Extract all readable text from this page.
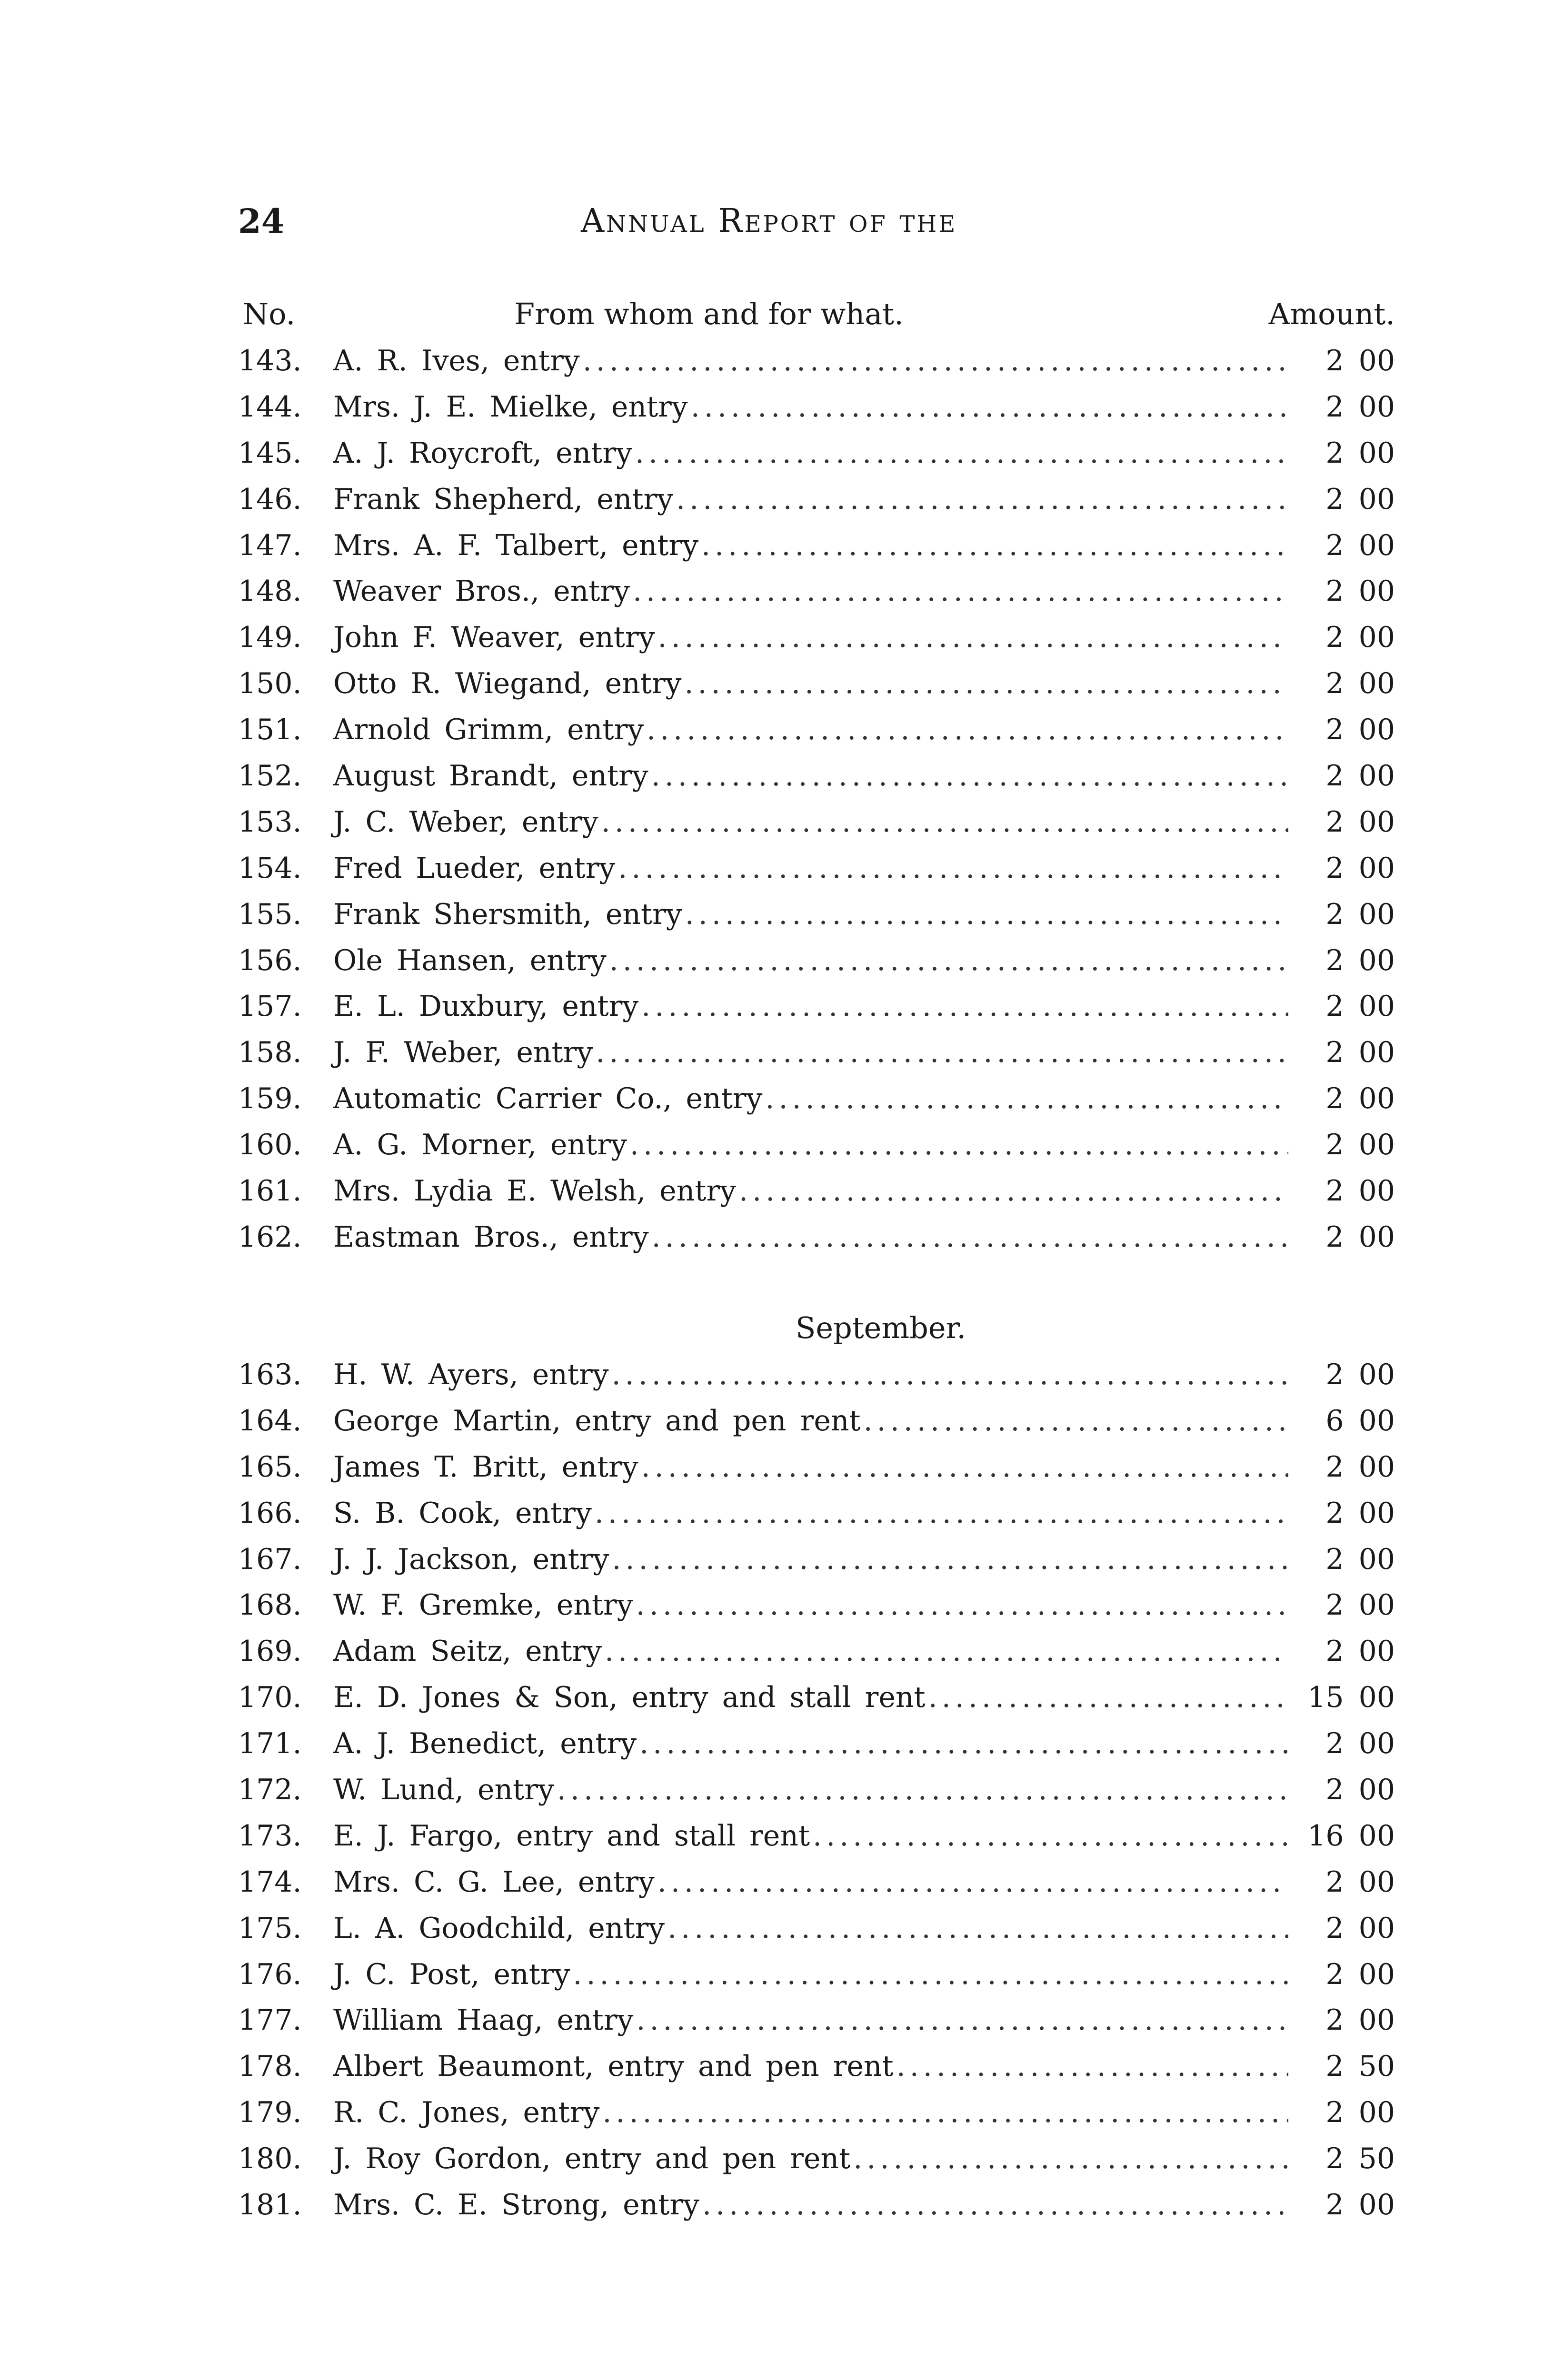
24	Annual Report of the
No.	From whom and for what.	Amount.
143.	A. R. Ives, entry .....	2 00
144.	Mrs. J. E. Mielke, entry .....	2 00
145.	A. J. Roycroft, entry .....	2 00
146.	Frank Shepherd, entry .....	2 00
147.	Mrs. A. F. Talbert, entry .....	2 00
148.	Weaver Bros., entry .....	2 00
149.	John F. Weaver, entry .....	2 00
150.	Otto R. Wiegand, entry .....	2 00
151.	Arnold Grimm, entry .....	2 00
152.	August Brandt, entry .....	2 00
153.	J. C. Weber, entry .....	2 00
154.	Fred Lueder, entry .....	2 00
155.	Frank Shersmith, entry .....	2 00
156.	Ole Hansen, entry .....	2 00
157.	E. L. Duxbury, entry .....	2 00
158.	J. F. Weber, entry .....	2 00
159.	Automatic Carrier Co., entry .....	2 00
160.	A. G. Morner, entry .....	2 00
161.	Mrs. Lydia E. Welsh, entry .....	2 00
162.	Eastman Bros., entry .....	2 00
September.
163.	H. W. Ayers, entry .....	2 00
164.	George Martin, entry and pen rent .....	6 00
165.	James T. Britt, entry .....	2 00
166.	S. B. Cook, entry .....	2 00
167.	J. J. Jackson, entry .....	2 00
168.	W. F. Gremke, entry .....	2 00
169.	Adam Seitz, entry .....	2 00
170.	E. D. Jones & Son, entry and stall rent .....	15 00
171.	A. J. Benedict, entry .....	2 00
172.	W. Lund, entry .....	2 00
173.	E. J. Fargo, entry and stall rent .....	16 00
174.	Mrs. C. G. Lee, entry .....	2 00
175.	L. A. Goodchild, entry .....	2 00
176.	J. C. Post, entry .....	2 00
177.	William Haag, entry .....	2 00
178.	Albert Beaumont, entry and pen rent .....	2 50
179.	R. C. Jones, entry .....	2 00
180.	J. Roy Gordon, entry and pen rent .....	2 50
181.	Mrs. C. E. Strong, entry .....	2 00
